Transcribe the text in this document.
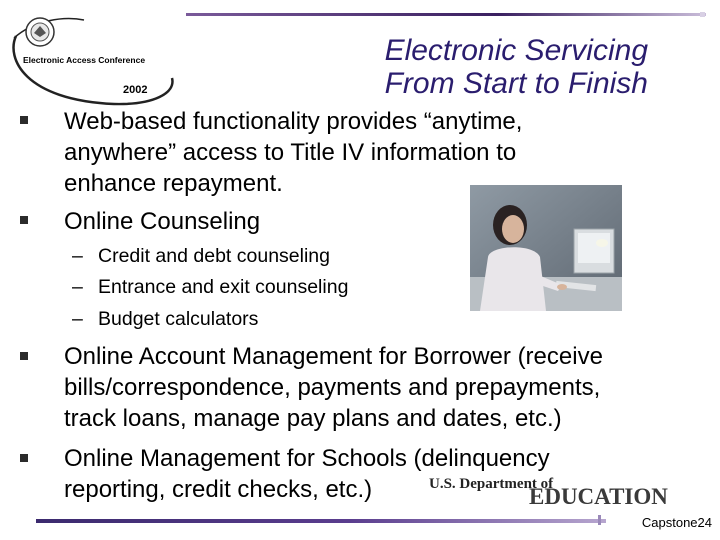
Electronic Access Conference
2002
Electronic Servicing
From Start to Finish
Web-based functionality provides “anytime,
anywhere” access to Title IV information to
enhance repayment.
Online Counseling
– Credit and debt counseling
– Entrance and exit counseling
– Budget calculators
Online Account Management for Borrower (receive
bills/correspondence, payments and prepayments,
track loans, manage pay plans and dates, etc.)
Online Management for Schools (delinquency
reporting, credit checks, etc.)	U.S. Department of
EDUCATION
Capstone24
